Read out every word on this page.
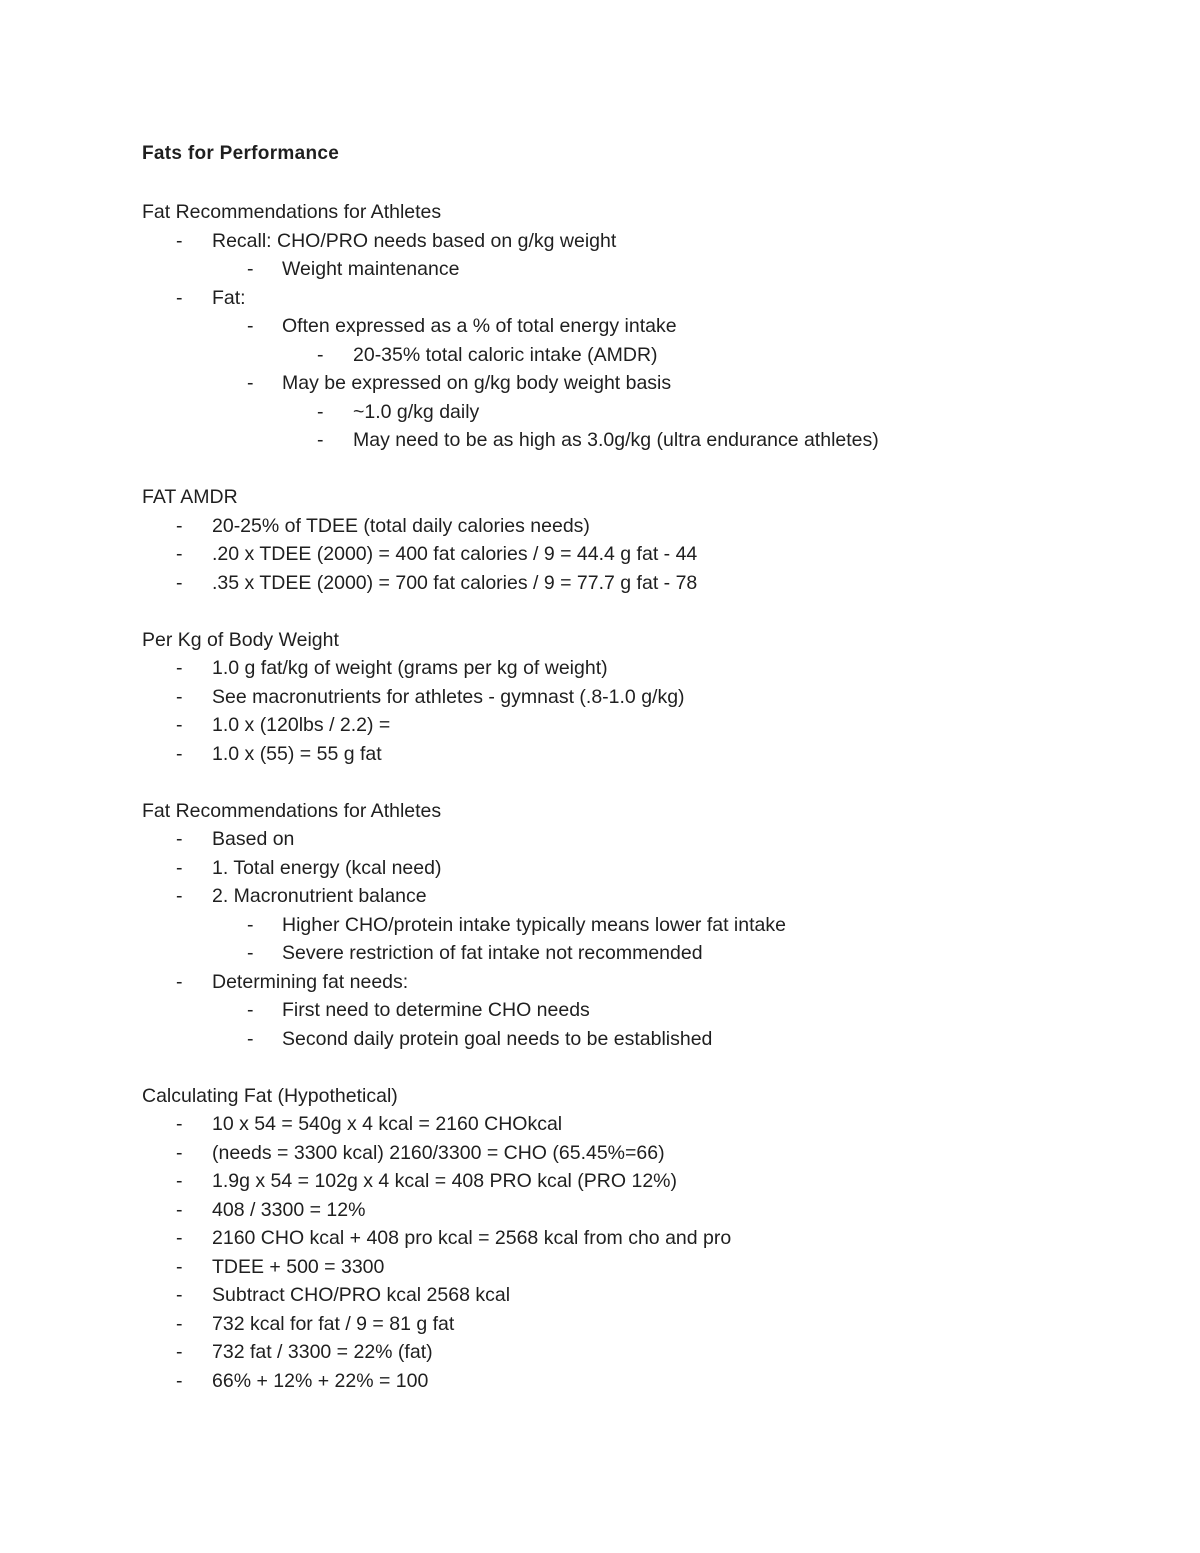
Fats for Performance
Fat Recommendations for Athletes
- Recall: CHO/PRO needs based on g/kg weight
- Weight maintenance
- Fat:
- Often expressed as a % of total energy intake
- 20-35% total caloric intake (AMDR)
- May be expressed on g/kg body weight basis
- ~1.0 g/kg daily
- May need to be as high as 3.0g/kg (ultra endurance athletes)
FAT AMDR
- 20-25% of TDEE (total daily calories needs)
- .20 x TDEE (2000) = 400 fat calories / 9 = 44.4 g fat - 44
- .35 x TDEE (2000) = 700 fat calories / 9 = 77.7 g fat - 78
Per Kg of Body Weight
- 1.0 g fat/kg of weight (grams per kg of weight)
- See macronutrients for athletes - gymnast (.8-1.0 g/kg)
- 1.0 x (120lbs / 2.2) =
- 1.0 x (55) = 55 g fat
Fat Recommendations for Athletes
- Based on
- 1. Total energy (kcal need)
- 2. Macronutrient balance
- Higher CHO/protein intake typically means lower fat intake
- Severe restriction of fat intake not recommended
- Determining fat needs:
- First need to determine CHO needs
- Second daily protein goal needs to be established
Calculating Fat (Hypothetical)
- 10 x 54 = 540g x 4 kcal = 2160 CHOkcal
- (needs = 3300 kcal) 2160/3300 = CHO (65.45%=66)
- 1.9g x 54 = 102g x 4 kcal = 408 PRO kcal (PRO 12%)
- 408 / 3300 = 12%
- 2160 CHO kcal + 408 pro kcal = 2568 kcal from cho and pro
- TDEE + 500 = 3300
- Subtract CHO/PRO kcal 2568 kcal
- 732 kcal for fat / 9 = 81 g fat
- 732 fat / 3300 = 22% (fat)
- 66% + 12% + 22% = 100
